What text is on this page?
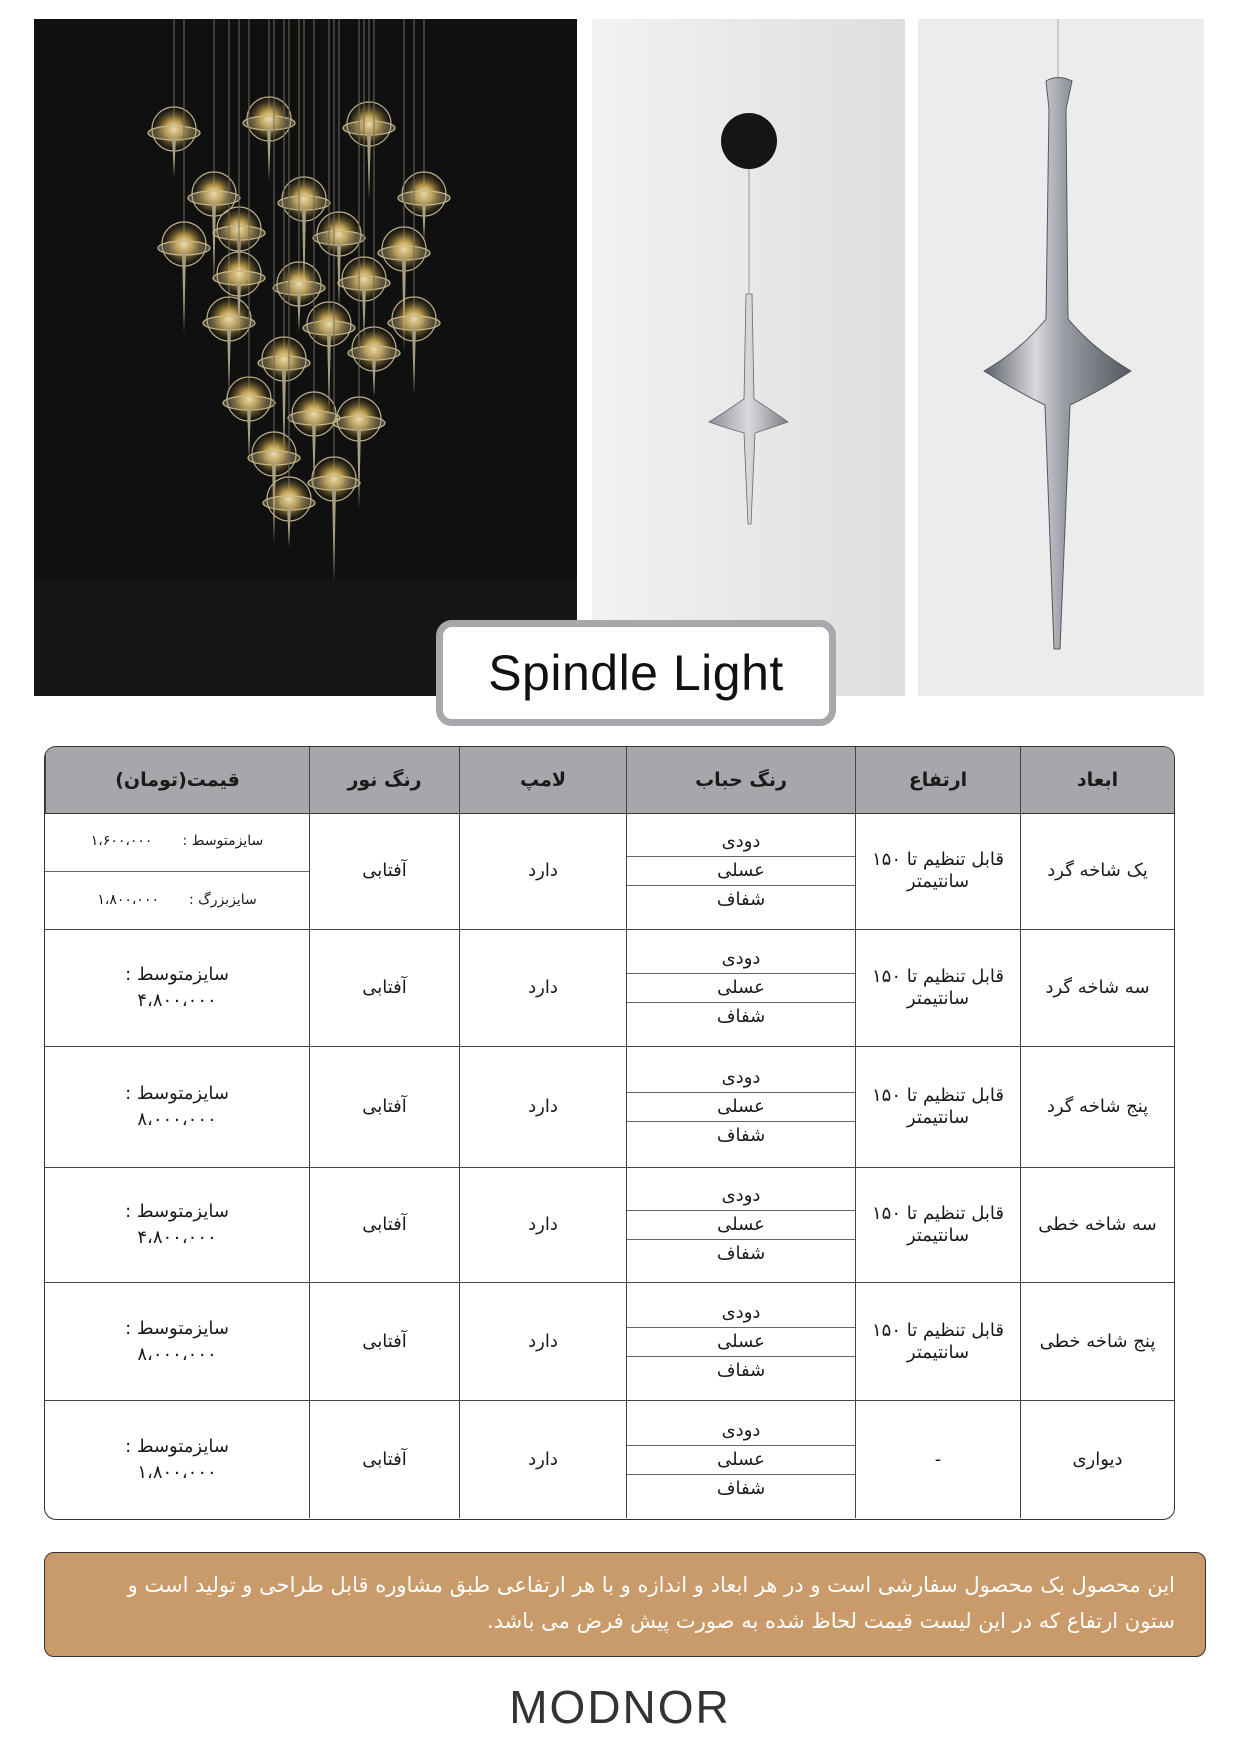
Spindle Light
ابعاد
ارتفاع
رنگ حباب
لامپ
رنگ نور
قیمت(تومان)
یک شاخه گرد
قابل تنظیم تا ۱۵۰ سانتیمتر
دودی
عسلی
شفاف
دارد
آفتابی
سایزمتوسط :
۱،۶۰۰،۰۰۰
سایزبزرگ :
۱،۸۰۰،۰۰۰
سه شاخه گرد
قابل تنظیم تا ۱۵۰ سانتیمتر
دودی
عسلی
شفاف
دارد
آفتابی
سایزمتوسط :
۴،۸۰۰،۰۰۰
پنج شاخه گرد
قابل تنظیم تا ۱۵۰ سانتیمتر
دودی
عسلی
شفاف
دارد
آفتابی
سایزمتوسط :
۸،۰۰۰،۰۰۰
سه شاخه خطی
قابل تنظیم تا ۱۵۰ سانتیمتر
دودی
عسلی
شفاف
دارد
آفتابی
سایزمتوسط :
۴،۸۰۰،۰۰۰
پنج شاخه خطی
قابل تنظیم تا ۱۵۰ سانتیمتر
دودی
عسلی
شفاف
دارد
آفتابی
سایزمتوسط :
۸،۰۰۰،۰۰۰
دیواری
-
دودی
عسلی
شفاف
دارد
آفتابی
سایزمتوسط :
۱،۸۰۰،۰۰۰
این محصول یک محصول سفارشی است و در هر ابعاد و اندازه و با هر ارتفاعی طبق مشاوره قابل طراحی و تولید است و ستون ارتفاع که در این لیست قیمت لحاظ شده به صورت پیش فرض می باشد.
MODNOR
